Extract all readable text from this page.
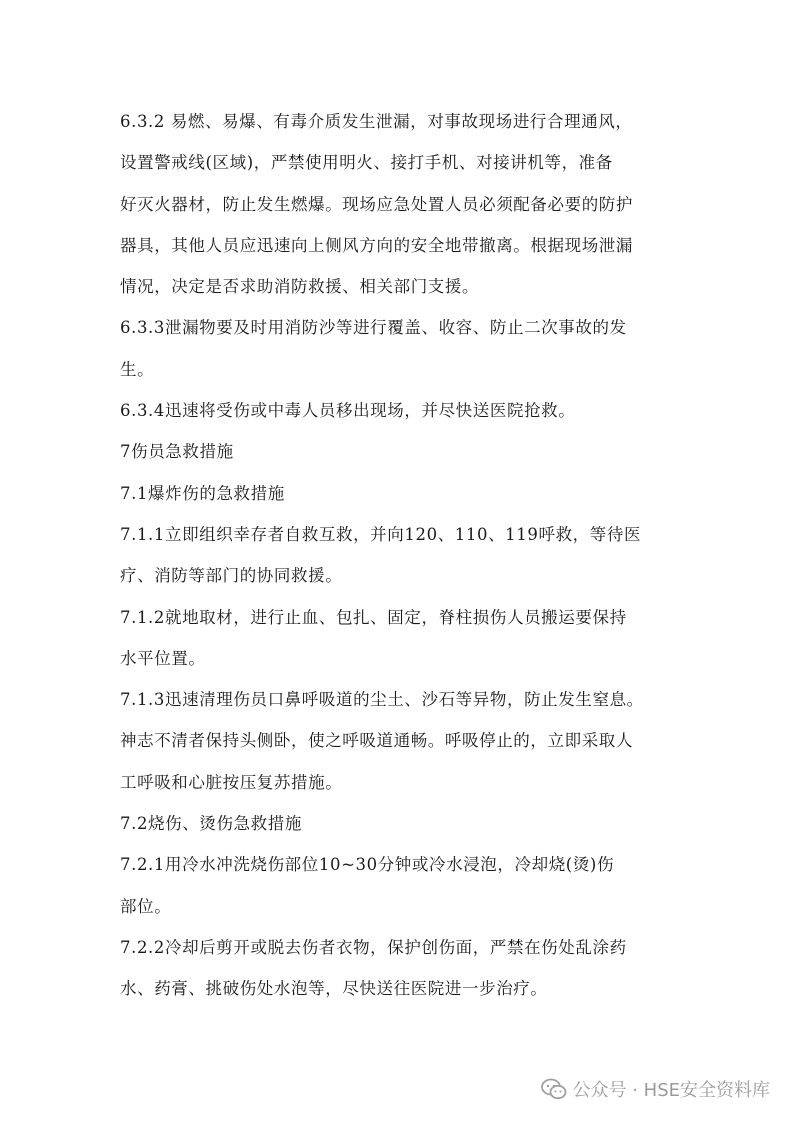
6.3.2 易燃、易爆、有毒介质发生泄漏，对事故现场进行合理通风，
设置警戒线(区域)，严禁使用明火、接打手机、对接讲机等，准备
好灭火器材，防止发生燃爆。现场应急处置人员必须配备必要的防护
器具，其他人员应迅速向上侧风方向的安全地带撤离。根据现场泄漏
情况，决定是否求助消防救援、相关部门支援。
6.3.3泄漏物要及时用消防沙等进行覆盖、收容、防止二次事故的发
生。
6.3.4迅速将受伤或中毒人员移出现场，并尽快送医院抢救。
7伤员急救措施
7.1爆炸伤的急救措施
7.1.1立即组织幸存者自救互救，并向120、110、119呼救，等待医
疗、消防等部门的协同救援。
7.1.2就地取材，进行止血、包扎、固定，脊柱损伤人员搬运要保持
水平位置。
7.1.3迅速清理伤员口鼻呼吸道的尘土、沙石等异物，防止发生窒息。
神志不清者保持头侧卧，使之呼吸道通畅。呼吸停止的，立即采取人
工呼吸和心脏按压复苏措施。
7.2烧伤、烫伤急救措施
7.2.1用冷水冲洗烧伤部位10~30分钟或冷水浸泡，冷却烧(烫)伤
部位。
7.2.2冷却后剪开或脱去伤者衣物，保护创伤面，严禁在伤处乱涂药
水、药膏、挑破伤处水泡等，尽快送往医院进一步治疗。
公众号 · HSE安全资料库
